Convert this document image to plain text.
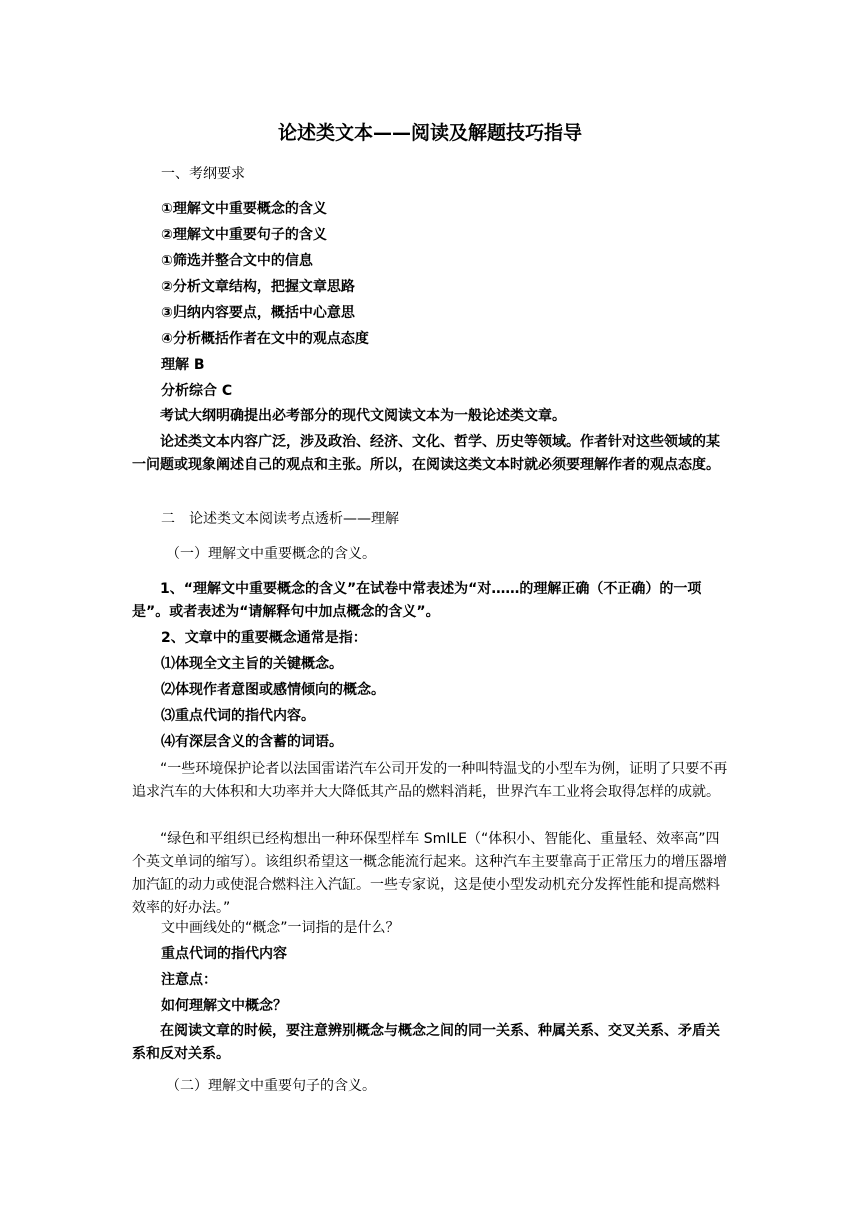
论述类文本——阅读及解题技巧指导
一、考纲要求
①理解文中重要概念的含义
②理解文中重要句子的含义
①筛选并整合文中的信息
②分析文章结构，把握文章思路
③归纳内容要点，概括中心意思
④分析概括作者在文中的观点态度
理解 B
分析综合 C
考试大纲明确提出必考部分的现代文阅读文本为一般论述类文章。
论述类文本内容广泛，涉及政治、经济、文化、哲学、历史等领域。作者针对这些领域的某一问题或现象阐述自己的观点和主张。所以，在阅读这类文本时就必须要理解作者的观点态度。
二　论述类文本阅读考点透析——理解
（一）理解文中重要概念的含义。
1、“理解文中重要概念的含义”在试卷中常表述为“对……的理解正确（不正确）的一项是”。或者表述为“请解释句中加点概念的含义”。
2、文章中的重要概念通常是指：
⑴体现全文主旨的关键概念。
⑵体现作者意图或感情倾向的概念。
⑶重点代词的指代内容。
⑷有深层含义的含蓄的词语。
“一些环境保护论者以法国雷诺汽车公司开发的一种叫特温戈的小型车为例，证明了只要不再追求汽车的大体积和大功率并大大降低其产品的燃料消耗，世界汽车工业将会取得怎样的成就。
“绿色和平组织已经构想出一种环保型样车 SmILE（“体积小、智能化、重量轻、效率高”四个英文单词的缩写）。该组织希望这一概念能流行起来。这种汽车主要靠高于正常压力的增压器增加汽缸的动力或使混合燃料注入汽缸。一些专家说，这是使小型发动机充分发挥性能和提高燃料效率的好办法。”
文中画线处的“概念”一词指的是什么？
重点代词的指代内容
注意点：
如何理解文中概念？
在阅读文章的时候，要注意辨别概念与概念之间的同一关系、种属关系、交叉关系、矛盾关系和反对关系。
（二）理解文中重要句子的含义。
